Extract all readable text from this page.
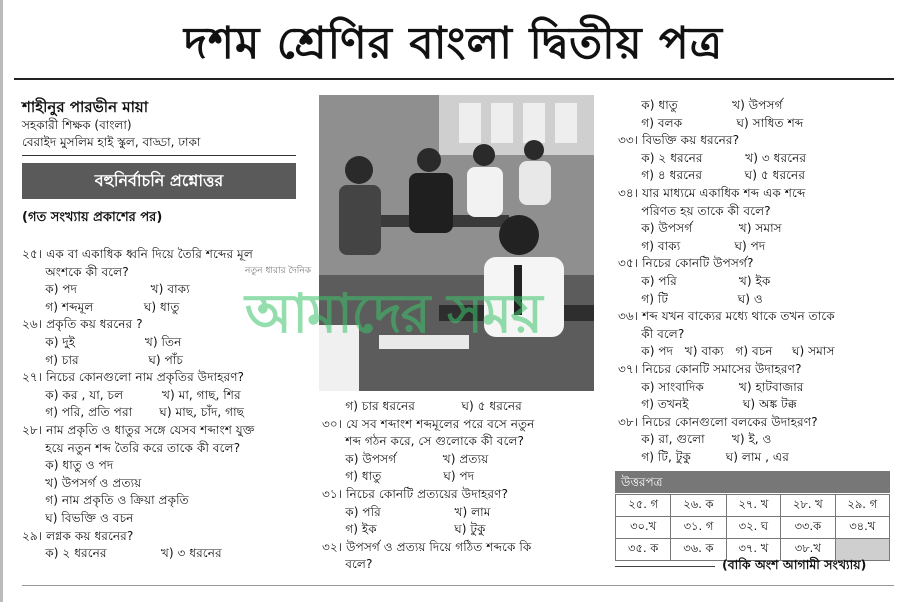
দশম শ্রেণির বাংলা দ্বিতীয় পত্র
শাহীনুর পারভীন মায়া
সহকারী শিক্ষক (বাংলা)
বেরাইদ মুসলিম হাই স্কুল, বাড্ডা, ঢাকা
বহুনির্বাচনি প্রশ্নোত্তর
(গত সংখ্যায় প্রকাশের পর)
২৫। এক বা একাধিক ধ্বনি দিয়ে তৈরি শব্দের মূল
অংশকে কী বলে?
ক) পদ                   খ) বাক্য
গ) শব্দমূল             ঘ) ধাতু
২৬। প্রকৃতি কয় ধরনের ?
ক) দুই                  খ) তিন
গ) চার                  ঘ) পাঁচ
২৭। নিচের কোনগুলো নাম প্রকৃতির উদাহরণ?
ক) কর , যা, চল          খ) মা, গাছ, শির
গ) পরি, প্রতি পরা       ঘ) মাছ, চাঁদ, গাছ
২৮। নাম প্রকৃতি ও ধাতুর সঙ্গে যেসব শব্দাংশ যুক্ত
হয়ে নতুন শব্দ তৈরি করে তাকে কী বলে?
ক) ধাতু ও পদ
খ) উপসর্গ ও প্রত্যয়
গ) নাম প্রকৃতি ও ক্রিয়া প্রকৃতি
ঘ) বিভক্তি ও বচন
২৯। লগ্নক কয় ধরনের?
ক) ২ ধরনের              খ) ৩ ধরনের
নতুন ধারার দৈনিক
আমাদের সময়
গ) চার ধরনের            ঘ) ৫ ধরনের
৩০। যে সব শব্দাংশ শব্দমূলের পরে বসে নতুন
শব্দ গঠন করে, সে গুলোকে কী বলে?
ক) উপসর্গ            খ) প্রত্যয়
গ) ধাতু                ঘ) পদ
৩১। নিচের কোনটি প্রত্যয়ের উদাহরণ?
ক) পরি                   খ) লাম
গ) ইক                    ঘ) টুকু
৩২। উপসর্গ ও প্রত্যয় দিয়ে গঠিত শব্দকে কি
বলে?
ক) ধাতু              খ) উপসর্গ
গ) বলক              ঘ) সাধিত শব্দ
৩৩। বিভক্তি কয় ধরনের?
ক) ২ ধরনের           খ) ৩ ধরনের
গ) ৪ ধরনের           ঘ) ৫ ধরনের
৩৪। যার মাধ্যমে একাধিক শব্দ এক শব্দে
পরিণত হয় তাকে কী বলে?
ক) উপসর্গ            খ) সমাস
গ) বাক্য              ঘ) পদ
৩৫। নিচের কোনটি উপসর্গ?
ক) পরি                খ) ইক
গ) টি                  ঘ) ও
৩৬। শব্দ যখন বাক্যের মধ্যে থাকে তখন তাকে
কী বলে?
ক) পদ   খ) বাক্য   গ) বচন     ঘ) সমাস
৩৭। নিচের কোনটি সমাসের উদাহরণ?
ক) সাংবাদিক         খ) হাটবাজার
গ) তখনই              ঘ) অঙ্ক টক্ক
৩৮। নিচের কোনগুলো বলকের উদাহরণ?
ক) রা, গুলো       খ) ই, ও
গ) টি, টুকু         ঘ) লাম , এর
উত্তরপত্র
২৫. গ	২৬. ক	২৭. খ	২৮. খ	২৯. গ
৩০.খ	৩১. গ	৩২. ঘ	৩৩.ক	৩৪.খ
৩৫. ক	৩৬. ক	৩৭. খ	৩৮.খ	
(বাকি অংশ আগামী সংখ্যায়)
